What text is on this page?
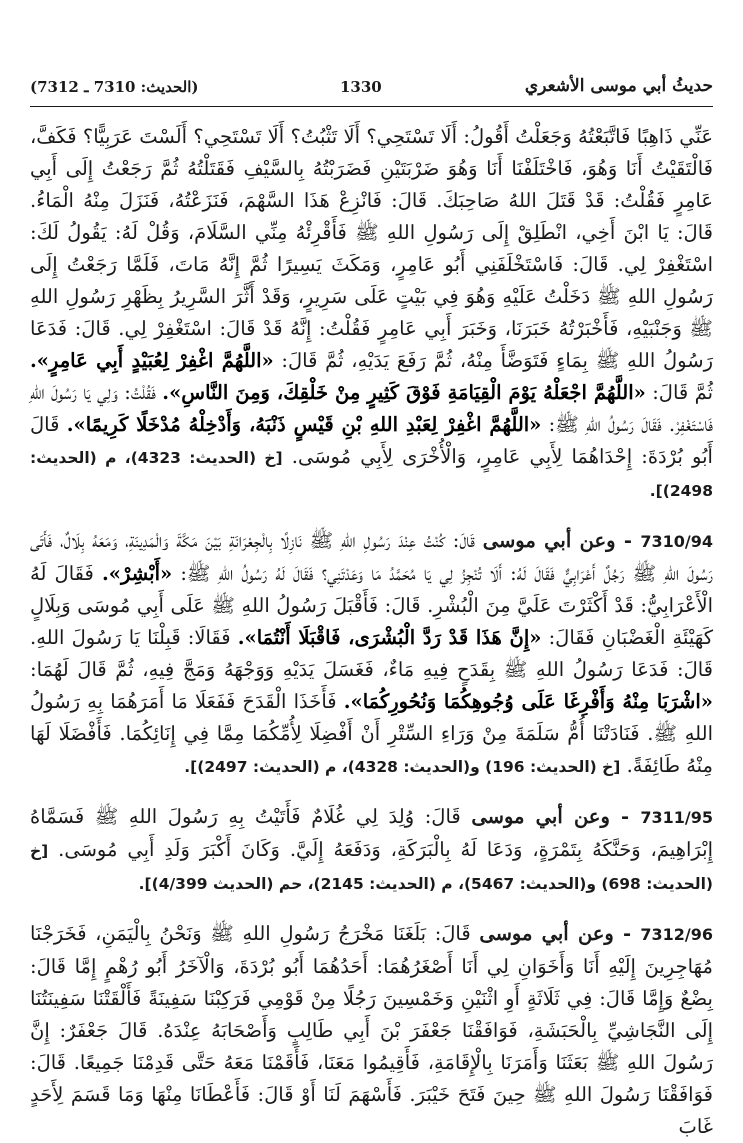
حديثُ أبي موسى الأشعري
1330
(الحديث: 7310 ـ 7312)

عَنِّي ذَاهِبًا فَاتَّبَعْتُهُ وَجَعَلْتُ أَقُولُ: أَلَا تَسْتَحِي؟ أَلَا تَثْبُتُ؟ أَلَا تَسْتَحِي؟ أَلَسْتَ عَرَبِيًّا؟ فَكَفَّ، فَالْتَقَيْتُ أَنَا وَهُوَ، فَاخْتَلَفْنَا أَنَا وَهُوَ ضَرْبَتَيْنِ فَضَرَبْتُهُ بِالسَّيْفِ فَقَتَلْتُهُ ثُمَّ رَجَعْتُ إِلَى أَبِي عَامِرٍ فَقُلْتُ: قَدْ قَتَلَ اللهُ صَاحِبَكَ. قَالَ: فَانْزِعْ هَذَا السَّهْمَ، فَنَزَعْتُهُ، فَنَزَلَ مِنْهُ الْمَاءُ. قَالَ: يَا ابْنَ أَخِي، انْطَلِقْ إِلَى رَسُولِ اللهِ ﷺ فَأَقْرِئْهُ مِنِّي السَّلَامَ، وَقُلْ لَهُ: يَقُولُ لَكَ: اسْتَغْفِرْ لِي. قَالَ: فَاسْتَخْلَفَنِي أَبُو عَامِرٍ، وَمَكَثَ يَسِيرًا ثُمَّ إِنَّهُ مَاتَ، فَلَمَّا رَجَعْتُ إِلَى رَسُولِ اللهِ ﷺ دَخَلْتُ عَلَيْهِ وَهُوَ فِي بَيْتٍ عَلَى سَرِيرٍ، وَقَدْ أَثَّرَ السَّرِيرُ بِظَهْرِ رَسُولِ اللهِ ﷺ وَجَنْبَيْهِ، فَأَخْبَرْتُهُ خَبَرَنَا، وَخَبَرَ أَبِي عَامِرٍ فَقُلْتُ: إِنَّهُ قَدْ قَالَ: اسْتَغْفِرْ لِي. قَالَ: فَدَعَا رَسُولُ اللهِ ﷺ بِمَاءٍ فَتَوَضَّأَ مِنْهُ، ثُمَّ رَفَعَ يَدَيْهِ، ثُمَّ قَالَ: «اللَّهُمَّ اغْفِرْ لِعُبَيْدٍ أَبِي عَامِرٍ». ثُمَّ قَالَ: «اللَّهُمَّ اجْعَلْهُ يَوْمَ الْقِيَامَةِ فَوْقَ كَثِيرٍ مِنْ خَلْقِكَ، وَمِنَ النَّاسِ». فَقُلْتُ: وَلِي يَا رَسُولَ اللهِ فَاسْتَغْفِرْ. فَقَالَ رَسُولُ اللهِ ﷺ: «اللَّهُمَّ اغْفِرْ لِعَبْدِ اللهِ بْنِ قَيْسٍ ذَنْبَهُ، وَأَدْخِلْهُ مُدْخَلًا كَرِيمًا». قَالَ أَبُو بُرْدَةَ: إِحْدَاهُمَا لِأَبِي عَامِرٍ، وَالْأُخْرَى لِأَبِي مُوسَى. [خ (الحديث: 4323)، م (الحديث: 2498)].

7310/94 - وعن أبي موسى قَالَ: كُنْتُ عِنْدَ رَسُولِ اللهِ ﷺ نَازِلًا بِالْجِعْرَانَةِ بَيْنَ مَكَّةَ وَالْمَدِينَةِ، وَمَعَهُ بِلَالٌ، فَأَتَى رَسُولَ اللهِ ﷺ رَجُلٌ أَعْرَابِيٌّ فَقَالَ لَهُ: أَلَا تُنْجِزُ لِي يَا مُحَمَّدُ مَا وَعَدْتَنِي؟ فَقَالَ لَهُ رَسُولُ اللهِ ﷺ: «أَبْشِرْ». فَقَالَ لَهُ الْأَعْرَابِيُّ: قَدْ أَكْثَرْتَ عَلَيَّ مِنَ الْبُشْرِ. قَالَ: فَأَقْبَلَ رَسُولُ اللهِ ﷺ عَلَى أَبِي مُوسَى وَبِلَالٍ كَهَيْئَةِ الْغَضْبَانِ فَقَالَ: «إِنَّ هَذَا قَدْ رَدَّ الْبُشْرَى، فَاقْبَلَا أَنْتُمَا». فَقَالَا: قَبِلْنَا يَا رَسُولَ اللهِ. قَالَ: فَدَعَا رَسُولُ اللهِ ﷺ بِقَدَحٍ فِيهِ مَاءٌ، فَغَسَلَ يَدَيْهِ وَوَجْهَهُ وَمَجَّ فِيهِ، ثُمَّ قَالَ لَهُمَا: «اشْرَبَا مِنْهُ وَأَفْرِغَا عَلَى وُجُوهِكُمَا وَنُحُورِكُمَا». فَأَخَذَا الْقَدَحَ فَفَعَلَا مَا أَمَرَهُمَا بِهِ رَسُولُ اللهِ ﷺ. فَنَادَتْنَا أُمُّ سَلَمَةَ مِنْ وَرَاءِ السِّتْرِ أَنْ أَفْضِلَا لِأُمِّكُمَا مِمَّا فِي إِنَائِكُمَا. فَأَفْضَلَا لَهَا مِنْهُ طَائِفَةً. [خ (الحديث: 196) و(الحديث: 4328)، م (الحديث: 2497)].

7311/95 - وعن أبي موسى قَالَ: وُلِدَ لِي غُلَامٌ فَأَتَيْتُ بِهِ رَسُولَ اللهِ ﷺ فَسَمَّاهُ إِبْرَاهِيمَ، وَحَنَّكَهُ بِتَمْرَةٍ، وَدَعَا لَهُ بِالْبَرَكَةِ، وَدَفَعَهُ إِلَيَّ. وَكَانَ أَكْبَرَ وَلَدِ أَبِي مُوسَى. [خ (الحديث: 698) و(الحديث: 5467)، م (الحديث: 2145)، حم (الحديث 4/399)].

7312/96 - وعن أبي موسى قَالَ: بَلَغَنَا مَخْرَجُ رَسُولِ اللهِ ﷺ وَنَحْنُ بِالْيَمَنِ، فَخَرَجْنَا مُهَاجِرِينَ إِلَيْهِ أَنَا وَأَخَوَانِ لِي أَنَا أَصْغَرُهُمَا: أَحَدُهُمَا أَبُو بُرْدَةَ، وَالْآخَرُ أَبُو رُهْمٍ إِمَّا قَالَ: بِضْعٌ وَإِمَّا قَالَ: فِي ثَلَاثَةٍ أَوِ اثْنَيْنِ وَخَمْسِينَ رَجُلًا مِنْ قَوْمِي فَرَكِبْنَا سَفِينَةً فَأَلْقَتْنَا سَفِينَتُنَا إِلَى النَّجَاشِيِّ بِالْحَبَشَةِ، فَوَافَقْنَا جَعْفَرَ بْنَ أَبِي طَالِبٍ وَأَصْحَابَهُ عِنْدَهُ. قَالَ جَعْفَرٌ: إِنَّ رَسُولَ اللهِ ﷺ بَعَثَنَا وَأَمَرَنَا بِالْإِقَامَةِ، فَأَقِيمُوا مَعَنَا، فَأَقَمْنَا مَعَهُ حَتَّى قَدِمْنَا جَمِيعًا. قَالَ: فَوَافَقْنَا رَسُولَ اللهِ ﷺ حِينَ فَتَحَ خَيْبَرَ. فَأَسْهَمَ لَنَا أَوْ قَالَ: فَأَعْطَانَا مِنْهَا وَمَا قَسَمَ لِأَحَدٍ غَابَ
